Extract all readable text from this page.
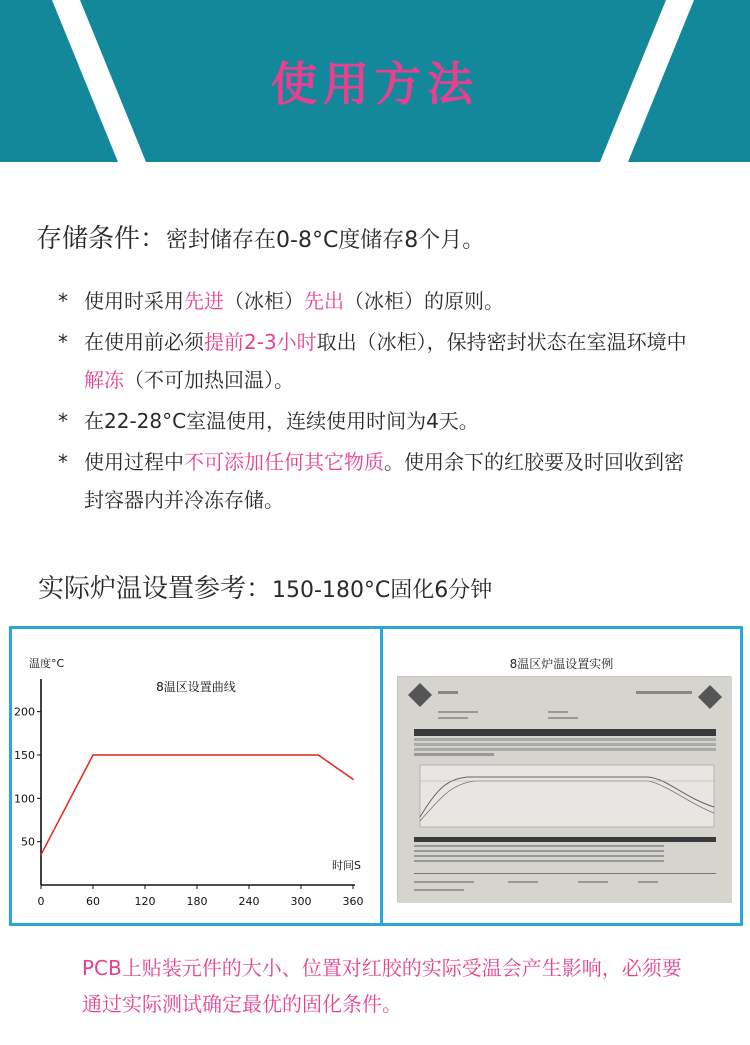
使用方法
存储条件：密封储存在0-8°C度储存8个月。
* 使用时采用先进（冰柜）先出（冰柜）的原则。
* 在使用前必须提前2-3小时取出（冰柜），保持密封状态在室温环境中解冻（不可加热回温）。
* 在22-28°C室温使用，连续使用时间为4天。
* 使用过程中不可添加任何其它物质。使用余下的红胶要及时回收到密封容器内并冷冻存储。
实际炉温设置参考：150-180°C固化6分钟
50
100
150
200
0	60	120	180	240	300	360
温度°C
时间S
8温区设置曲线
8温区炉温设置实例
PCB上贴装元件的大小、位置对红胶的实际受温会产生影响，必须要通过实际测试确定最优的固化条件。
